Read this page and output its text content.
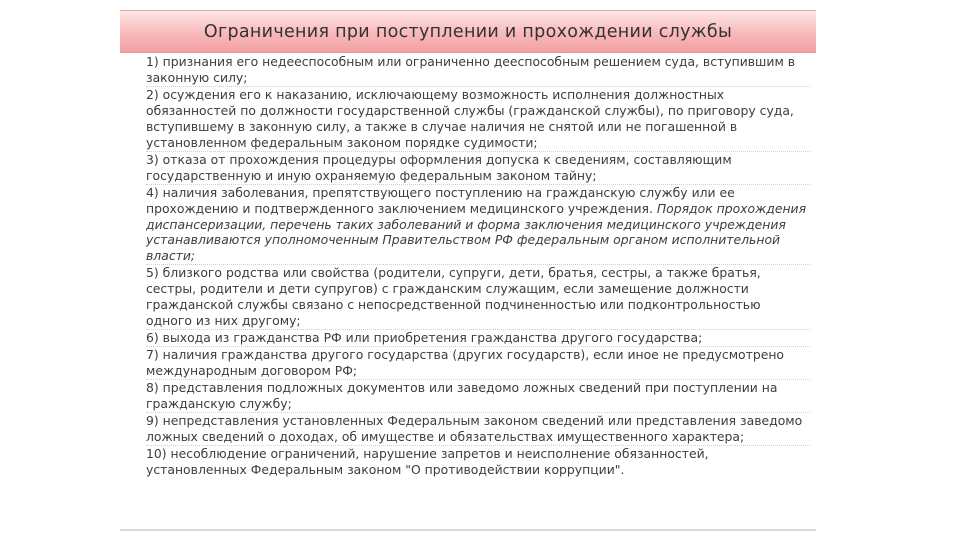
Ограничения при поступлении и прохождении службы

1) признания его недееспособным или ограниченно дееспособным решением суда, вступившим в законную силу;

2) осуждения его к наказанию, исключающему возможность исполнения должностных обязанностей по должности государственной службы (гражданской службы), по приговору суда, вступившему в законную силу, а также в случае наличия не снятой или не погашенной в установленном федеральным законом порядке судимости;

3) отказа от прохождения процедуры оформления допуска к сведениям, составляющим государственную и иную охраняемую федеральным законом тайну;

4) наличия заболевания, препятствующего поступлению на гражданскую службу или ее прохождению и подтвержденного заключением медицинского учреждения. Порядок прохождения диспансеризации, перечень таких заболеваний и форма заключения медицинского учреждения устанавливаются уполномоченным Правительством РФ федеральным органом исполнительной власти;

5) близкого родства или свойства (родители, супруги, дети, братья, сестры, а также братья, сестры, родители и дети супругов) с гражданским служащим, если замещение должности гражданской службы связано с непосредственной подчиненностью или подконтрольностью одного из них другому;

6) выхода из гражданства РФ или приобретения гражданства другого государства;

7) наличия гражданства другого государства (других государств), если иное не предусмотрено международным договором РФ;

8) представления подложных документов или заведомо ложных сведений при поступлении на гражданскую службу;

9) непредставления установленных Федеральным законом сведений или представления заведомо ложных сведений о доходах, об имуществе и обязательствах имущественного характера;

10) несоблюдение ограничений, нарушение запретов и неисполнение обязанностей, установленных Федеральным законом "О противодействии коррупции".
